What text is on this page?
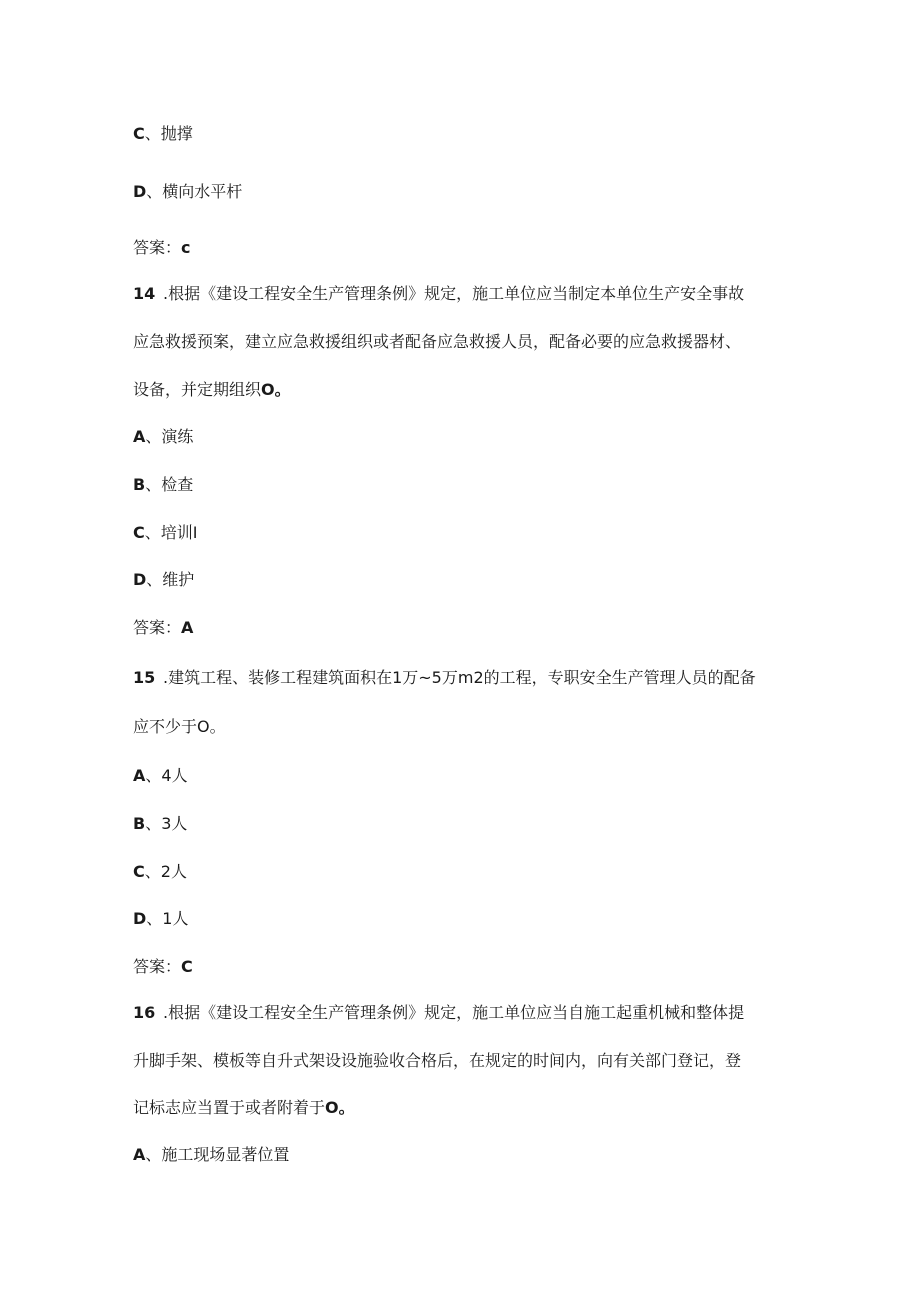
C、抛撑
D、横向水平杆
答案：c
14 .根据《建设工程安全生产管理条例》规定，施工单位应当制定本单位生产安全事故
应急救援预案，建立应急救援组织或者配备应急救援人员，配备必要的应急救援器材、
设备，并定期组织O。
A、演练
B、检查
C、培训I
D、维护
答案：A
15 .建筑工程、装修工程建筑面积在1万~5万m2的工程，专职安全生产管理人员的配备
应不少于O。
A、4人
B、3人
C、2人
D、1人
答案：C
16 .根据《建设工程安全生产管理条例》规定，施工单位应当自施工起重机械和整体提
升脚手架、模板等自升式架设设施验收合格后，在规定的时间内，向有关部门登记，登
记标志应当置于或者附着于O。
A、施工现场显著位置
